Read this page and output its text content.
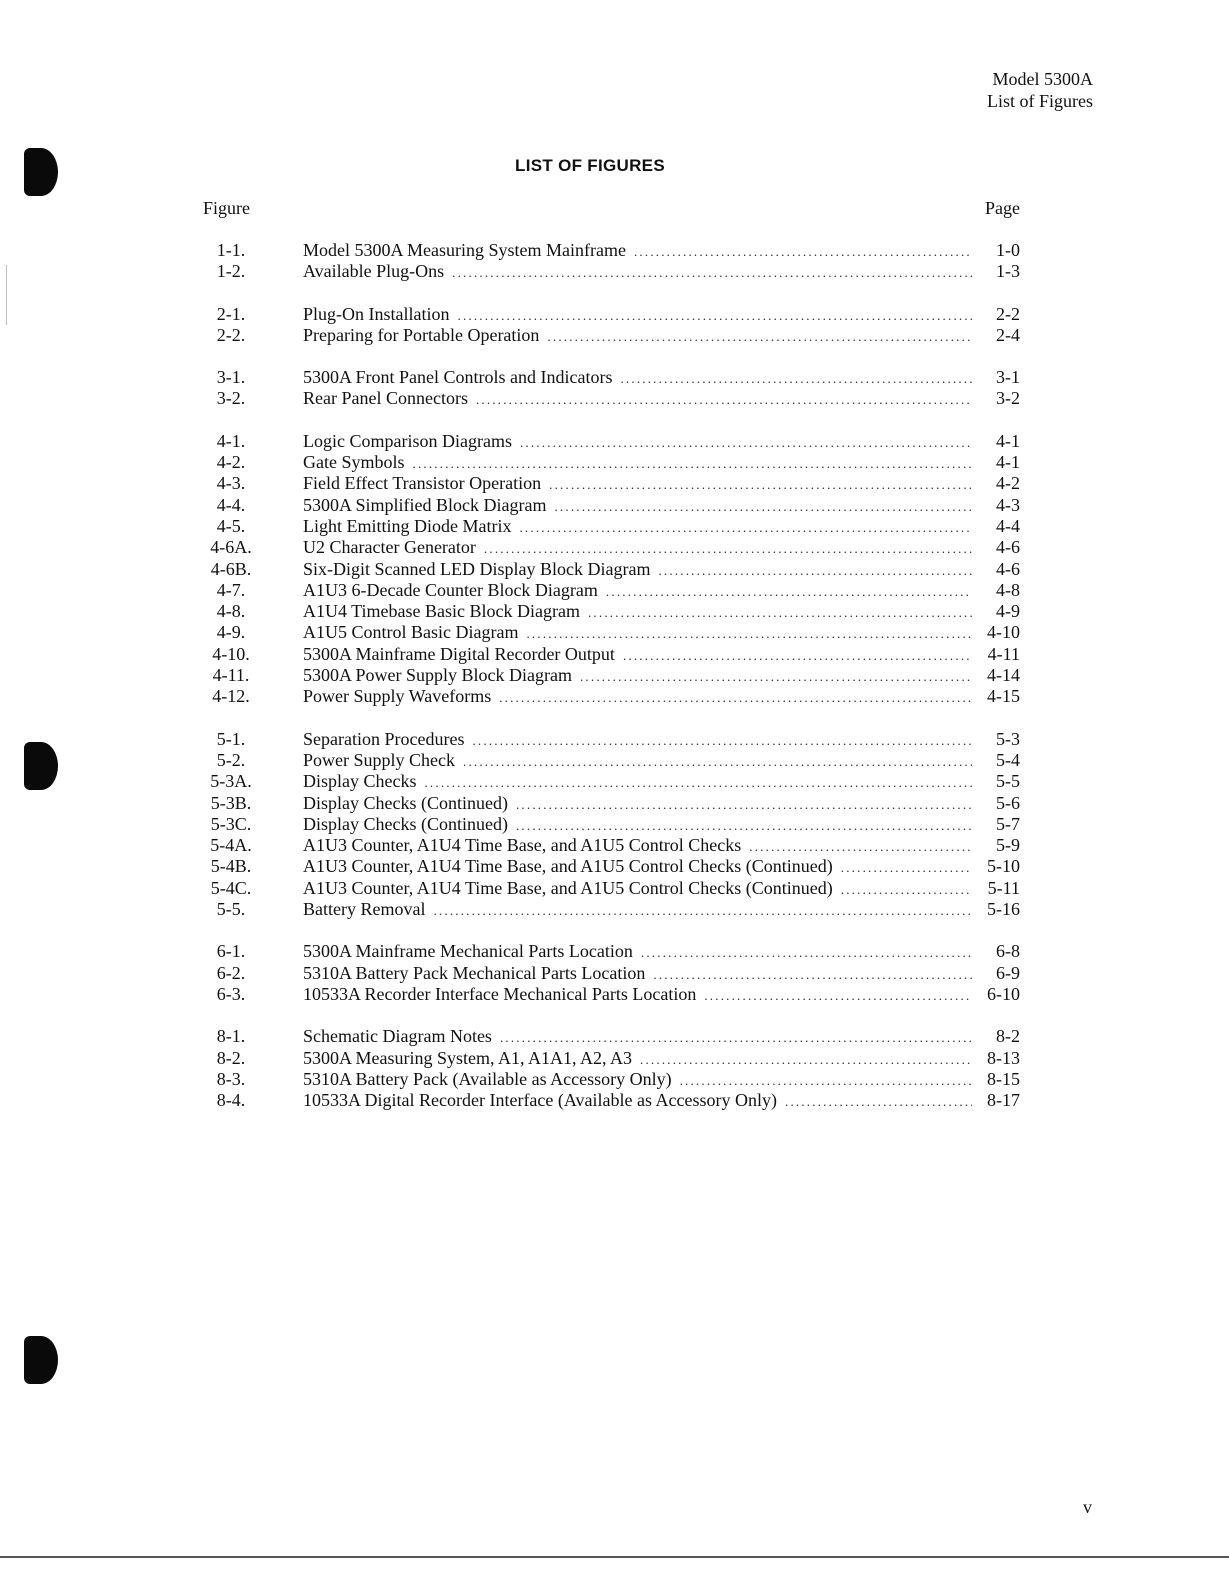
Model 5300A
List of Figures
LIST OF FIGURES
Figure	Page
1-1.	Model 5300A Measuring System Mainframe .....	1-0
1-2.	Available Plug-Ons .....	1-3
2-1.	Plug-On Installation .....	2-2
2-2.	Preparing for Portable Operation .....	2-4
3-1.	5300A Front Panel Controls and Indicators .....	3-1
3-2.	Rear Panel Connectors .....	3-2
4-1.	Logic Comparison Diagrams .....	4-1
4-2.	Gate Symbols .....	4-1
4-3.	Field Effect Transistor Operation .....	4-2
4-4.	5300A Simplified Block Diagram .....	4-3
4-5.	Light Emitting Diode Matrix .....	4-4
4-6A.	U2 Character Generator .....	4-6
4-6B.	Six-Digit Scanned LED Display Block Diagram .....	4-6
4-7.	A1U3 6-Decade Counter Block Diagram .....	4-8
4-8.	A1U4 Timebase Basic Block Diagram .....	4-9
4-9.	A1U5 Control Basic Diagram .....	4-10
4-10.	5300A Mainframe Digital Recorder Output .....	4-11
4-11.	5300A Power Supply Block Diagram .....	4-14
4-12.	Power Supply Waveforms .....	4-15
5-1.	Separation Procedures .....	5-3
5-2.	Power Supply Check .....	5-4
5-3A.	Display Checks .....	5-5
5-3B.	Display Checks (Continued) .....	5-6
5-3C.	Display Checks (Continued) .....	5-7
5-4A.	A1U3 Counter, A1U4 Time Base, and A1U5 Control Checks .....	5-9
5-4B.	A1U3 Counter, A1U4 Time Base, and A1U5 Control Checks (Continued) .....	5-10
5-4C.	A1U3 Counter, A1U4 Time Base, and A1U5 Control Checks (Continued) .....	5-11
5-5.	Battery Removal .....	5-16
6-1.	5300A Mainframe Mechanical Parts Location .....	6-8
6-2.	5310A Battery Pack Mechanical Parts Location .....	6-9
6-3.	10533A Recorder Interface Mechanical Parts Location .....	6-10
8-1.	Schematic Diagram Notes .....	8-2
8-2.	5300A Measuring System, A1, A1A1, A2, A3 .....	8-13
8-3.	5310A Battery Pack (Available as Accessory Only) .....	8-15
8-4.	10533A Digital Recorder Interface (Available as Accessory Only) .....	8-17
v
